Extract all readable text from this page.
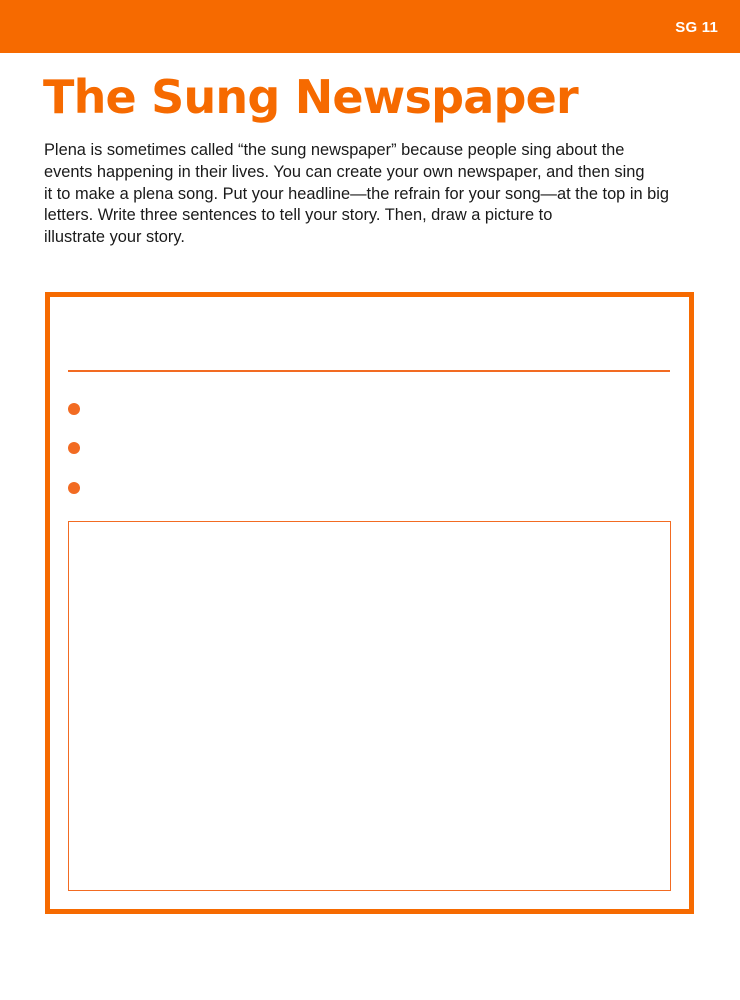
SG 11
The Sung Newspaper
Plena is sometimes called “the sung newspaper” because people sing about the
events happening in their lives. You can create your own newspaper, and then sing
it to make a plena song. Put your headline—the refrain for your song—at the top in big
letters. Write three sentences to tell your story. Then, draw a picture to
illustrate your story.
